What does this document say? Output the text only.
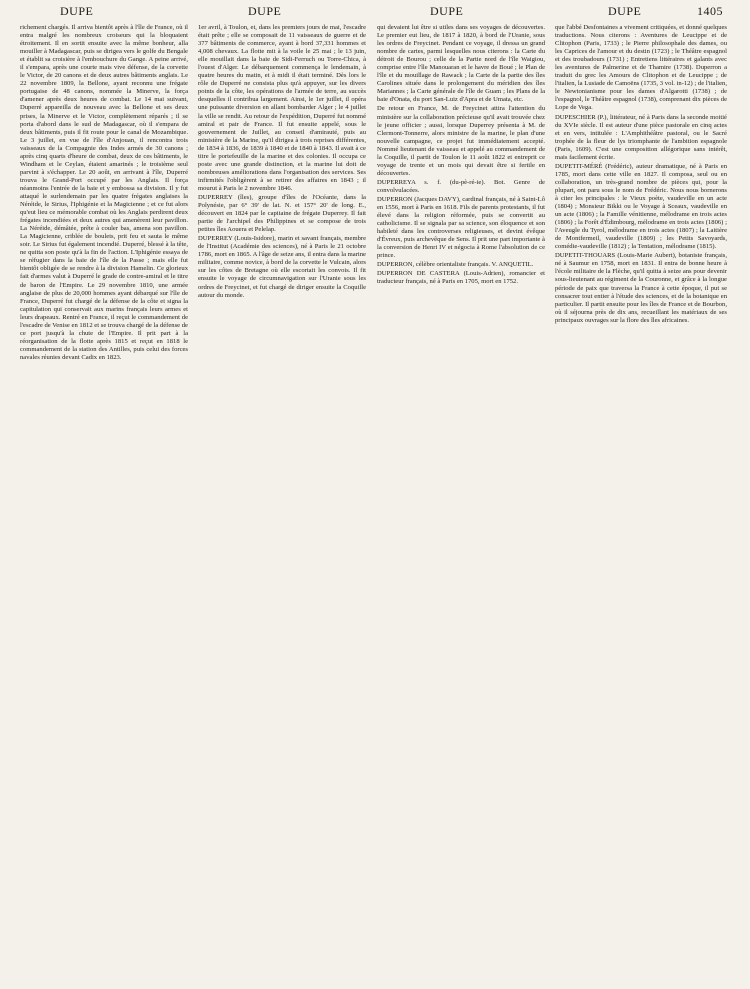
DUPE	DUPE	DUPE	DUPE	1405

richement chargés. Il arriva bientôt après à l'île de France, où il entra malgré les nombreux croiseurs qui la bloquaient étroitement. Il en sortit ensuite avec la même bonheur, alla mouiller à Madagascar, puis se dirigea vers le golfe du Bengale et établit sa croisière à l'embouchure du Gange. A peine arrivé, il s'empara, après une courte mais vive défense, de la corvette le Victor, de 20 canons et de deux autres bâtiments anglais. Le 22 novembre 1809, la Bellone, ayant reconnu une frégate portugaise de 48 canons, nommée la Minerve, la força d'amener après deux heures de combat. Le 14 mai suivant, Duperré appareilla de nouveau avec la Bellone et ses deux prises, la Minerve et le Victor, complètement réparés ; il se porta d'abord dans le sud de Madagascar, où il s'empara de deux bâtiments, puis il fit route pour le canal de Mozambique. Le 3 juillet, en vue de l'île d'Anjouan, il rencontra trois vaisseaux de la Compagnie des Indes armés de 30 canons ; après cinq quarts d'heure de combat, deux de ces bâtiments, le Windham et le Ceylan, étaient amarinés ; le troisième seul parvint à s'échapper. Le 20 août, en arrivant à l'île, Duperré trouva le Grand-Port occupé par les Anglais. Il força néanmoins l'entrée de la baie et y embossa sa division. Il y fut attaqué le surlendemain par les quatre frégates anglaises la Néréide, le Sirius, l'Iphigénie et la Magicienne ; et ce fut alors qu'eut lieu ce mémorable combat où les Anglais perdirent deux frégates incendiées et deux autres qui amenèrent leur pavillon. La Néréide, démâtée, prête à couler bas, amena son pavillon. La Magicienne, criblée de boulets, prit feu et sauta le même soir. Le Sirius fut également incendié. Duperré, blessé à la tête, ne quitta son poste qu'à la fin de l'action. L'Iphigénie essaya de se réfugier dans la baie de l'île de la Passe ; mais elle fut bientôt obligée de se rendre à la division Hamelin. Ce glorieux fait d'armes valut à Duperré le grade de contre-amiral et le titre de baron de l'Empire. Le 29 novembre 1810, une armée anglaise de plus de 20,000 hommes ayant débarqué sur l'île de France, Duperré fut chargé de la défense de la côte et signa la capitulation qui conservait aux marins français leurs armes et leurs drapeaux. Rentré en France, il reçut le commandement de l'escadre de Venise en 1812 et se trouva chargé de la défense de ce port jusqu'à la chute de l'Empire. Il prit part à la réorganisation de la flotte après 1815 et reçut en 1818 le commandement de la station des Antilles, puis celui des forces navales réunies devant Cadix en 1823.

1er avril, à Toulon, et, dans les premiers jours de mai, l'escadre était prête ; elle se composait de 11 vaisseaux de guerre et de 377 bâtiments de commerce, ayant à bord 37,331 hommes et 4,008 chevaux. La flotte mit à la voile le 25 mai ; le 13 juin, elle mouillait dans la baie de Sidi-Ferruch ou Torre-Chica, à l'ouest d'Alger. Le débarquement commença le lendemain, à quatre heures du matin, et à midi il était terminé. Dès lors le rôle de Duperré ne consista plus qu'à appuyer, sur les divers points de la côte, les opérations de l'armée de terre, au succès desquelles il contribua largement. Ainsi, le 1er juillet, il opéra une puissante diversion en allant bombarder Alger ; le 4 juillet la ville se rendit. Au retour de l'expédition, Duperré fut nommé amiral et pair de France. Il fut ensuite appelé, sous le gouvernement de Juillet, au conseil d'amirauté, puis au ministère de la Marine, qu'il dirigea à trois reprises différentes, de 1834 à 1836, de 1839 à 1840 et de 1840 à 1843. Il avait à ce titre le portefeuille de la marine et des colonies. Il occupa ce poste avec une grande distinction, et la marine lui doit de nombreuses améliorations dans l'organisation des services. Ses infirmités l'obligèrent à se retirer des affaires en 1843 ; il mourut à Paris le 2 novembre 1846.

DUPERREY (îles), groupe d'îles de l'Océanie, dans la Polynésie, par 6° 39' de lat. N. et 157° 20' de long. E., découvert en 1824 par le capitaine de frégate Duperrey. Il fait partie de l'archipel des Philippines et se compose de trois petites îles Aouera et Pelelap.

DUPERREY (Louis-Isidore), marin et savant français, membre de l'Institut (Académie des sciences), né à Paris le 21 octobre 1786, mort en 1865. A l'âge de seize ans, il entra dans la marine militaire, comme novice, à bord de la corvette le Vulcain, alors sur les côtes de Bretagne où elle escortait les convois. Il fit ensuite le voyage de circumnavigation sur l'Uranie sous les ordres de Freycinet, et fut chargé de diriger ensuite la Coquille autour du monde.

qui devaient lui être si utiles dans ses voyages de découvertes. Le premier eut lieu, de 1817 à 1820, à bord de l'Uranie, sous les ordres de Freycinet. Pendant ce voyage, il dressa un grand nombre de cartes, parmi lesquelles nous citerons : la Carte du détroit de Bourou ; celle de la Partie nord de l'île Waigiou, comprise entre l'île Manouaran et le havre de Boué ; le Plan de l'île et du mouillage de Rawack ; la Carte de la partie des îles Carolines située dans le prolongement du méridien des îles Mariannes ; la Carte générale de l'île de Guam ; les Plans de la baie d'Onata, du port San-Luiz d'Apra et de Umata, etc.

De retour en France, M. de Freycinet attira l'attention du ministère sur la collaboration précieuse qu'il avait trouvée chez le jeune officier ; aussi, lorsque Duperrey présenta à M. de Clermont-Tonnerre, alors ministre de la marine, le plan d'une nouvelle campagne, ce projet fut immédiatement accepté. Nommé lieutenant de vaisseau et appelé au commandement de la Coquille, il partit de Toulon le 11 août 1822 et entreprit ce voyage de trente et un mois qui devait être si fertile en découvertes.

DUPERREYA s. f. (du-pè-ré-ie). Bot. Genre de convolvulacées.

DUPERRON (Jacques DAVY), cardinal français, né à Saint-Lô en 1556, mort à Paris en 1618. Fils de parents protestants, il fut élevé dans la religion réformée, puis se convertit au catholicisme. Il se signala par sa science, son éloquence et son habileté dans les controverses religieuses, et devint évêque d'Évreux, puis archevêque de Sens. Il prit une part importante à la conversion de Henri IV et négocia à Rome l'absolution de ce prince.

DUPERRON, célèbre orientaliste français. V. ANQUETIL.

DUPERRON DE CASTERA (Louis-Adrien), romancier et traducteur français, né à Paris en 1705, mort en 1752.

que l'abbé Desfontaines a vivement critiquées, et donné quelques traductions. Nous citerons : Aventures de Leucippe et de Clitophon (Paris, 1733) ; le Pierre philosophale des dames, ou les Caprices de l'amour et du destin (1723) ; le Théâtre espagnol et des troubadours (1731) ; Entretiens littéraires et galants avec les aventures de Palmerine et de Thamire (1738). Duperron a traduit du grec les Amours de Clitophon et de Leucippe ; de l'italien, la Lusiade de Camoëns (1735, 3 vol. in-12) ; de l'italien, le Newtonianisme pour les dames d'Algarotti (1738) ; de l'espagnol, le Théâtre espagnol (1738), comprenant dix pièces de Lope de Vega.

DUPESCHIER (P.), littérateur, né à Paris dans la seconde moitié du XVIe siècle. Il est auteur d'une pièce pastorale en cinq actes et en vers, intitulée : L'Amphithéâtre pastoral, ou le Sacré trophée de la fleur de lys triomphante de l'ambition espagnole (Paris, 1609). C'est une composition allégorique sans intérêt, mais facilement écrite.

DUPETIT-MÉRÉ (Frédéric), auteur dramatique, né à Paris en 1785, mort dans cette ville en 1827. Il composa, seul ou en collaboration, un très-grand nombre de pièces qui, pour la plupart, ont paru sous le nom de Frédéric. Nous nous bornerons à citer les principales : le Vieux poète, vaudeville en un acte (1804) ; Monsieur Bikki ou le Voyage à Sceaux, vaudeville en un acte (1806) ; la Famille vénitienne, mélodrame en trois actes (1806) ; la Forêt d'Édimbourg, mélodrame en trois actes (1806) ; l'Aveugle du Tyrol, mélodrame en trois actes (1807) ; la Laitière de Montfermeil, vaudeville (1809) ; les Petits Savoyards, comédie-vaudeville (1812) ; la Tentation, mélodrame (1815).

DUPETIT-THOUARS (Louis-Marie Aubert), botaniste français, né à Saumur en 1758, mort en 1831. Il entra de bonne heure à l'école militaire de la Flèche, qu'il quitta à seize ans pour devenir sous-lieutenant au régiment de la Couronne, et grâce à la longue période de paix que traversa la France à cette époque, il put se consacrer tout entier à l'étude des sciences, et de la botanique en particulier. Il partit ensuite pour les îles de France et de Bourbon, où il séjourna près de dix ans, recueillant les matériaux de ses principaux ouvrages sur la flore des îles africaines.
